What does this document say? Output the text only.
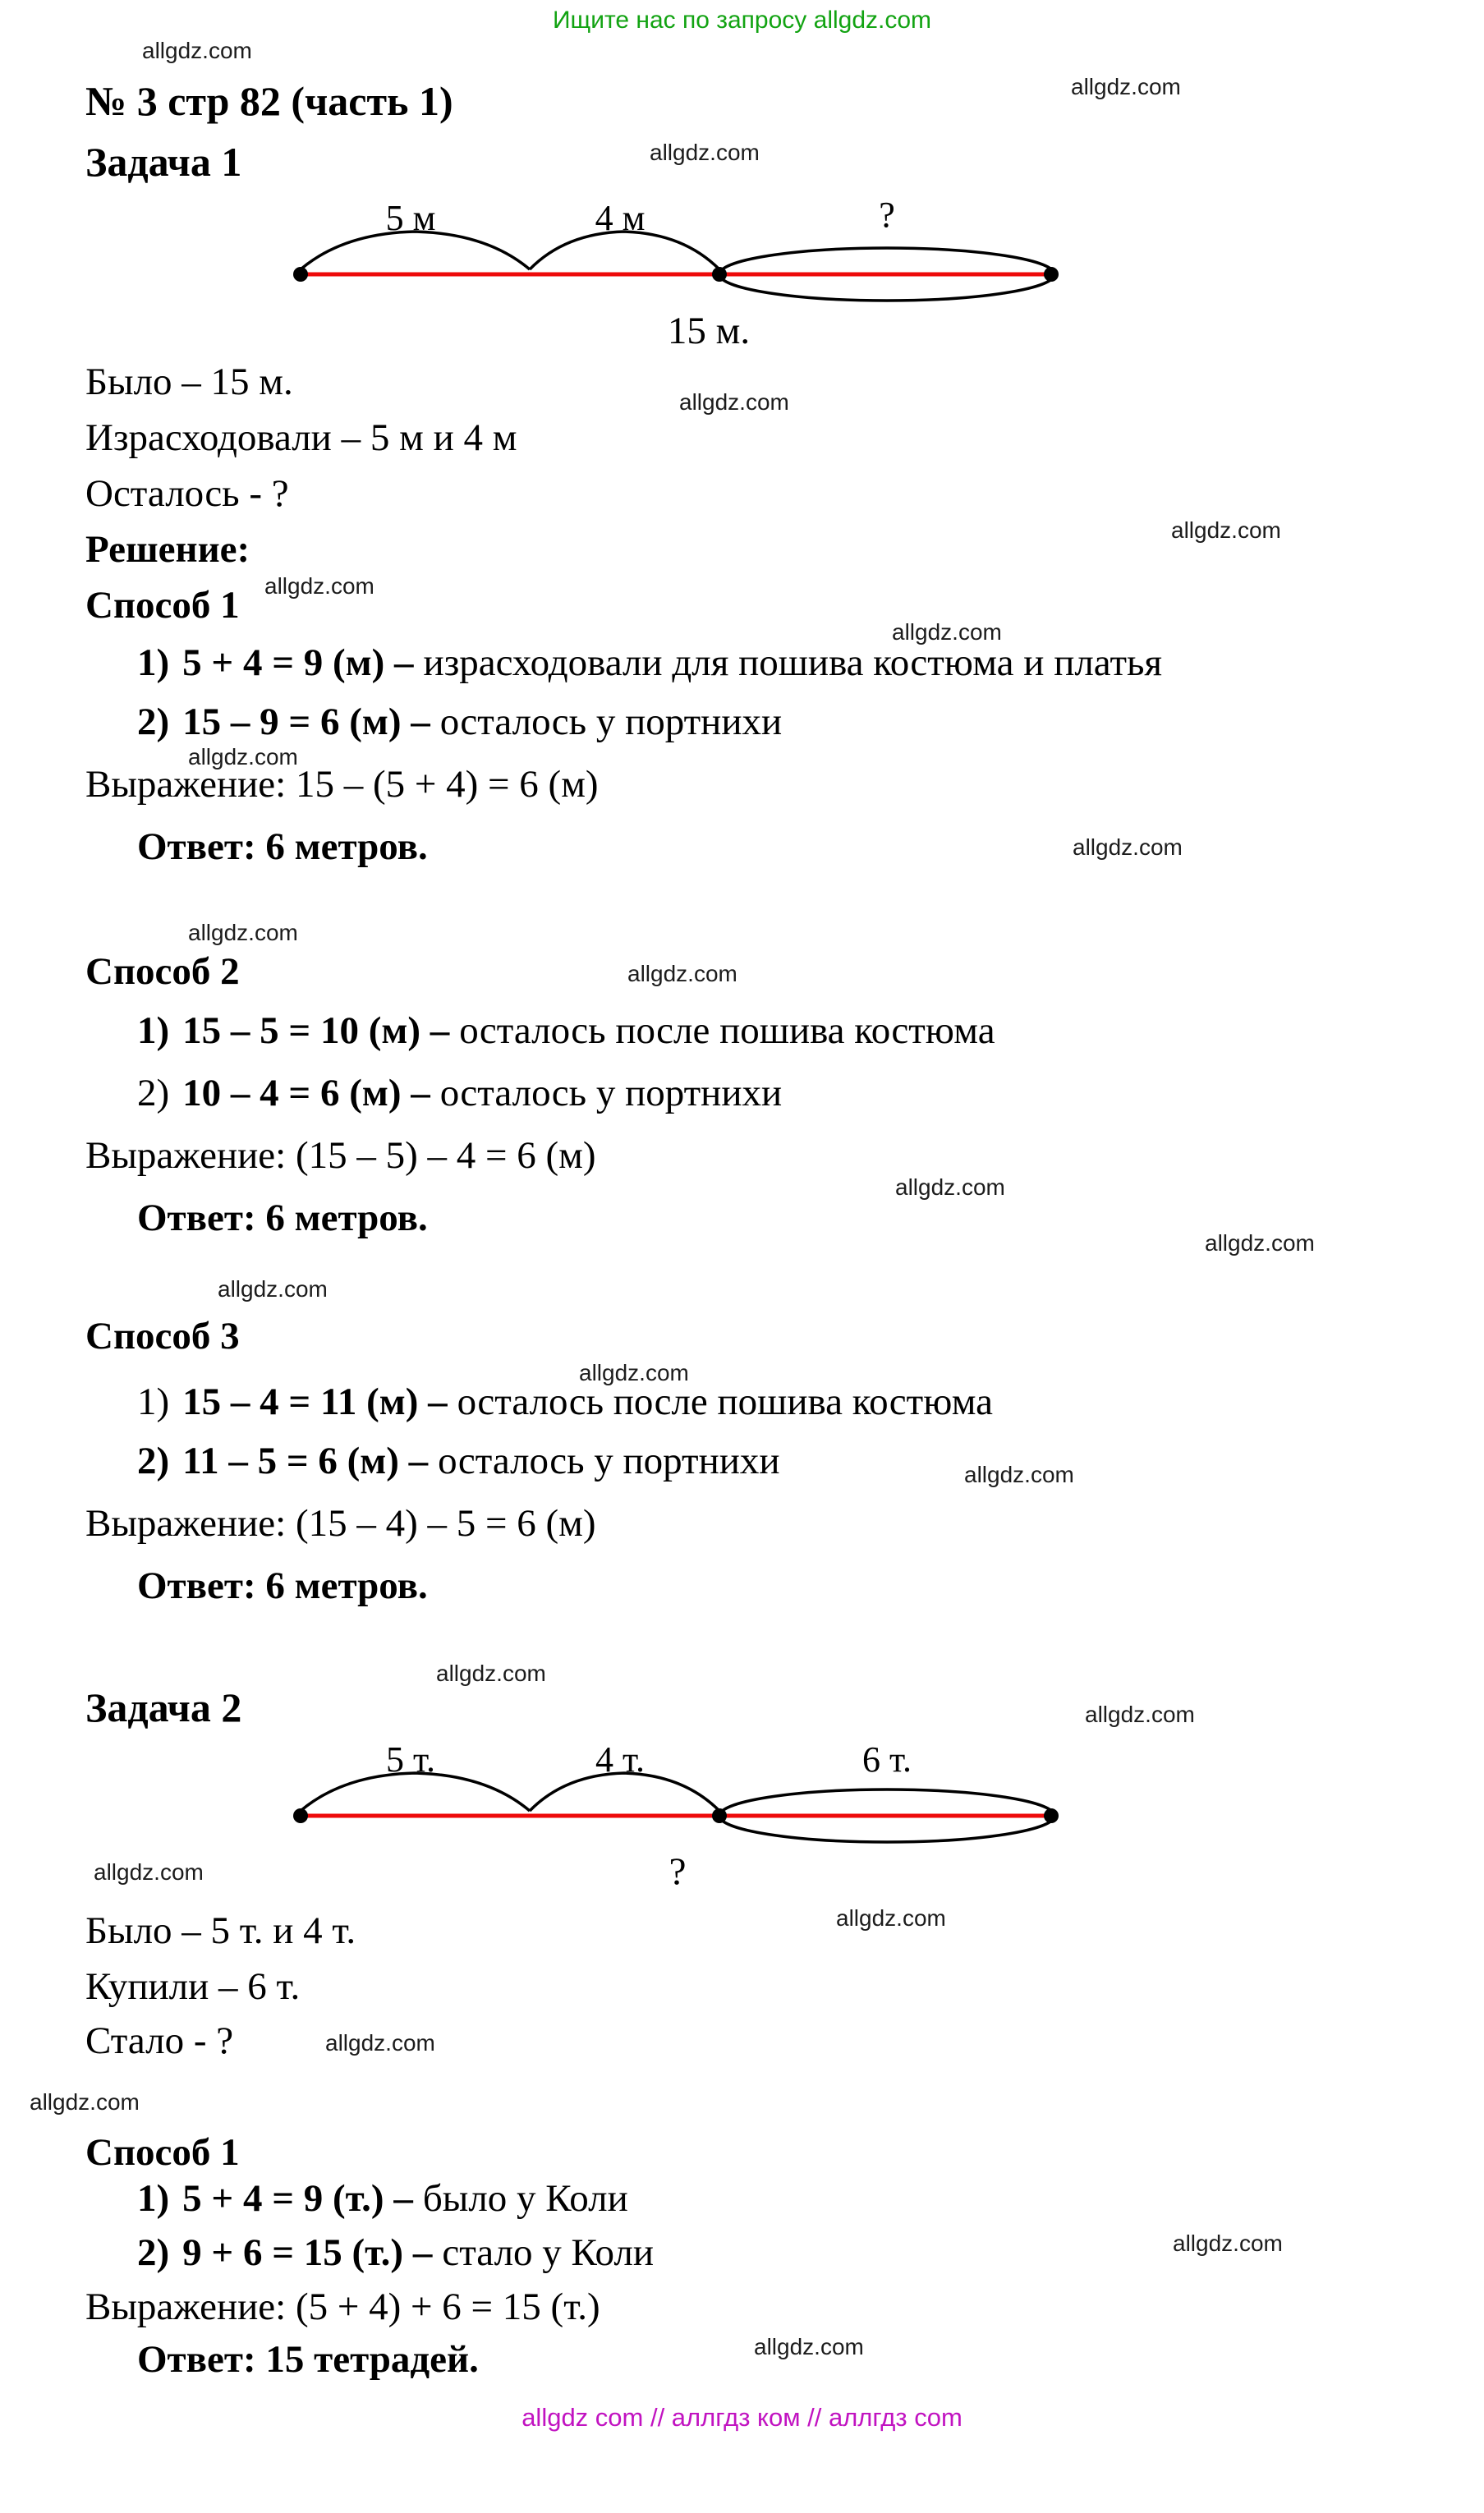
Ищите нас по запросу allgdz.com
allgdz.com
allgdz.com
allgdz.com
allgdz.com
allgdz.com
allgdz.com
allgdz.com
allgdz.com
allgdz.com
allgdz.com
allgdz.com
allgdz.com
allgdz.com
allgdz.com
allgdz.com
allgdz.com
allgdz.com
allgdz.com
allgdz.com
allgdz.com
allgdz.com
allgdz.com
allgdz.com
allgdz.com
№ 3 стр 82 (часть 1)
Задача 1
5 м	4 м	?
15 м.
Было – 15 м.
Израсходовали – 5 м и 4 м
Осталось - ?
Решение:
Способ 1
1) 5 + 4 = 9 (м) – израсходовали для пошива костюма и платья
2) 15 – 9 = 6 (м) – осталось у портнихи
Выражение: 15 – (5 + 4) = 6 (м)
Ответ: 6 метров.
Способ 2
1) 15 – 5 = 10 (м) – осталось после пошива костюма
2) 10 – 4 = 6 (м) – осталось у портнихи
Выражение: (15 – 5) – 4 = 6 (м)
Ответ: 6 метров.
Способ 3
1) 15 – 4 = 11 (м) – осталось после пошива костюма
2) 11 – 5 = 6 (м) – осталось у портнихи
Выражение: (15 – 4) – 5 = 6 (м)
Ответ: 6 метров.
Задача 2
5 т.	4 т.	6 т.
?
Было – 5 т. и 4 т.
Купили – 6 т.
Стало - ?
Способ 1
1) 5 + 4 = 9 (т.) – было у Коли
2) 9 + 6 = 15 (т.) – стало у Коли
Выражение: (5 + 4) + 6 = 15 (т.)
Ответ: 15 тетрадей.
allgdz com // аллгдз ком // аллгдз com
